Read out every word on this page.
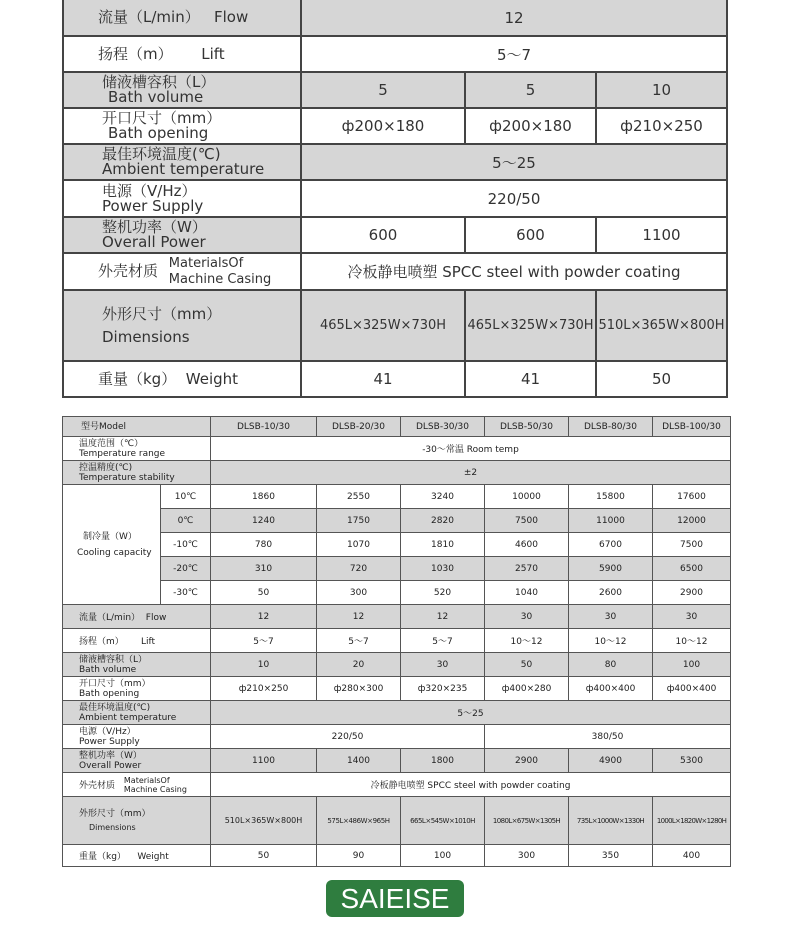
流量（L/min） Flow	12		
扬程（m） Lift	5～7		

储液槽容积（L）
Bath volume	5	5	10

开口尺寸（mm）
Bath opening	ф200×180	ф200×180	ф210×250

最佳环境温度(℃)
Ambient temperature	5～25		

电源（V/Hz）
Power Supply	220/50		

整机功率（W）
Overall Power	600	600	1100
外壳材质 MaterialsOf
Machine Casing	冷板静电喷塑 SPCC steel with powder coating		

外形尺寸（mm）
Dimensions	465L×325W×730H	465L×325W×730H	510L×365W×800H
重量（kg） Weight	41	41	50
型号Model		DLSB-10/30	DLSB-20/30	DLSB-30/30	DLSB-50/30	DLSB-80/30	DLSB-100/30

温度范围（℃）
Temperature range		-30～常温 Room temp					

控温精度(℃)
Temperature stability		±2					

制冷量（W）
Cooling capacity	10℃	1860	2550	3240	10000	15800	17600
	0℃	1240	1750	2820	7500	11000	12000
	-10℃	780	1070	1810	4600	6700	7500
	-20℃	310	720	1030	2570	5900	6500
	-30℃	50	300	520	1040	2600	2900
流量（L/min） Flow		12	12	12	30	30	30
扬程（m） Lift		5～7	5～7	5～7	10～12	10～12	10～12

储液槽容积（L）
Bath volume		10	20	30	50	80	100

开口尺寸（mm）
Bath opening		ф210×250	ф280×300	ф320×235	ф400×280	ф400×400	ф400×400

最佳环境温度(℃)
Ambient temperature		5～25					

电源（V/Hz）
Power Supply		220/50			380/50		

整机功率（W）
Overall Power		1100	1400	1800	2900	4900	5300
外壳材质 MaterialsOf
Machine Casing		冷板静电喷塑 SPCC steel with powder coating					

外形尺寸（mm）
Dimensions		510L×365W×800H	575L×486W×965H	665L×545W×1010H	1080L×675W×1305H	735L×1000W×1330H	1000L×1820W×1280H
重量（kg） Weight		50	90	100	300	350	400
SAIEISE
